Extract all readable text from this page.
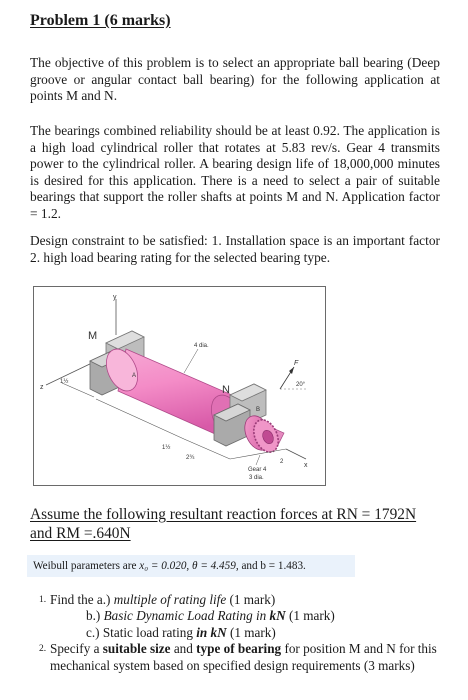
Problem 1 (6 marks)

The objective of this problem is to select an appropriate ball bearing (Deep groove or angular contact ball bearing) for the following application at points M and N.

The bearings combined reliability should be at least 0.92. The application is a high load cylindrical roller that rotates at 5.83 rev/s. Gear 4 transmits power to the cylindrical roller. A bearing design life of 18,000,000 minutes is desired for this application. There is a need to select a pair of suitable bearings that support the roller shafts at points M and N. Application factor = 1.2.

Design constraint to be satisfied: 1. Installation space is an important factor 2. high load bearing rating for the selected bearing type.

y
z
x
F
20°
1½
1½
2¾
2
M
N
A
B
4 dia.
Gear 4
3 dia.

Assume the following resultant reaction forces at RN = 1792N and RM =.640N

Weibull parameters are x₀ = 0.020, θ = 4.459, and b = 1.483.
1. Find the a.) multiple of rating life (1 mark)
b.) Basic Dynamic Load Rating in kN (1 mark)
c.) Static load rating in kN (1 mark)
2. Specify a suitable size and type of bearing for position M and N for this mechanical system based on specified design requirements (3 marks)
